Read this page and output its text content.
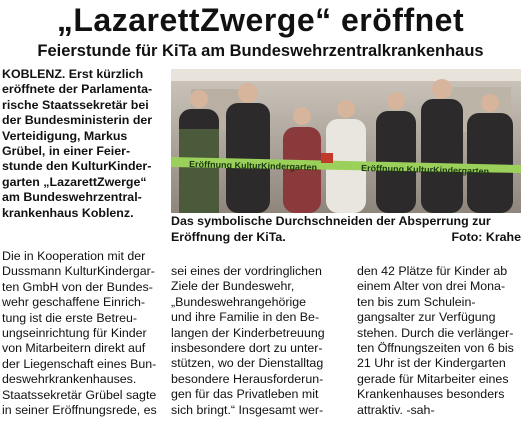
„LazarettZwerge“ eröffnet
Feierstunde für KiTa am Bundeswehrzentralkrankenhaus
KOBLENZ. Erst kürzlich
eröffnete der Parlamenta-
rische Staatssekretär bei
der Bundesministerin der
Verteidigung, Markus
Grübel, in einer Feier-
stunde den KulturKinder-
garten „LazarettZwerge“
am Bundeswehrzentral-
krankenhaus Koblenz.
Die in Kooperation mit der
Dussmann KulturKindergar-
ten GmbH von der Bundes-
wehr geschaffene Einrich-
tung ist die erste Betreu-
ungseinrichtung für Kinder
von Mitarbeitern direkt auf
der Liegenschaft eines Bun-
deswehrkrankenhauses.
Staatssekretär Grübel sagte
in seiner Eröffnungsrede, es
Eröffnung KulturKindergarten	Eröffnung KulturKindergarten
Das symbolische Durchschneiden der Absperrung zur
Eröffnung der KiTa.	Foto: Krahe
sei eines der vordringlichen
Ziele der Bundeswehr,
„Bundeswehrangehörige
und ihre Familie in den Be-
langen der Kinderbetreuung
insbesondere dort zu unter-
stützen, wo der Dienstalltag
besondere Herausforderun-
gen für das Privatleben mit
sich bringt.“ Insgesamt wer-
den 42 Plätze für Kinder ab
einem Alter von drei Mona-
ten bis zum Schulein-
gangsalter zur Verfügung
stehen. Durch die verlänger-
ten Öffnungszeiten von 6 bis
21 Uhr ist der Kindergarten
gerade für Mitarbeiter eines
Krankenhauses besonders
attraktiv. -sah-
